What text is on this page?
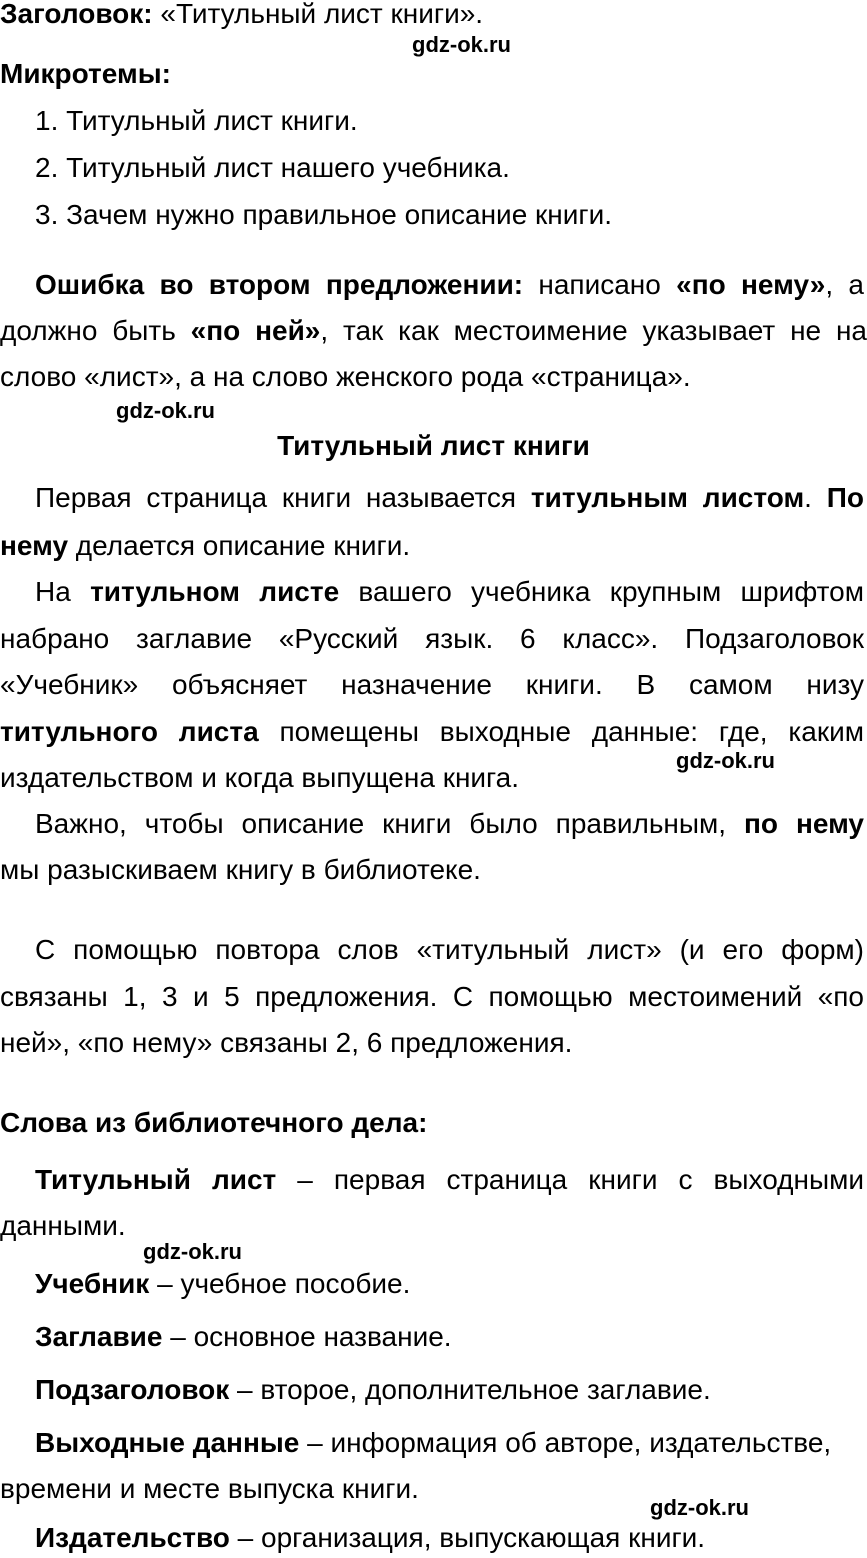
Заголовок: «Титульный лист книги».
gdz-ok.ru
Микротемы:
1. Титульный лист книги.
2. Титульный лист нашего учебника.
3. Зачем нужно правильное описание книги.
Ошибка во втором предложении: написано «по нему», а
должно быть «по ней», так как местоимение указывает не на
слово «лист», а на слово женского рода «страница».
gdz-ok.ru
Титульный лист книги
Первая страница книги называется титульным листом. По
нему делается описание книги.
На титульном листе вашего учебника крупным шрифтом
набрано заглавие «Русский язык. 6 класс». Подзаголовок
«Учебник» объясняет назначение книги. В самом низу
титульного листа помещены выходные данные: где, каким
издательством и когда выпущена книга.
gdz-ok.ru
Важно, чтобы описание книги было правильным, по нему
мы разыскиваем книгу в библиотеке.
С помощью повтора слов «титульный лист» (и его форм)
связаны 1, 3 и 5 предложения. С помощью местоимений «по
ней», «по нему» связаны 2, 6 предложения.
Слова из библиотечного дела:
Титульный лист – первая страница книги с выходными
данными.
gdz-ok.ru
Учебник – учебное пособие.
Заглавие – основное название.
Подзаголовок – второе, дополнительное заглавие.
Выходные данные – информация об авторе, издательстве,
времени и месте выпуска книги.
gdz-ok.ru
Издательство – организация, выпускающая книги.
